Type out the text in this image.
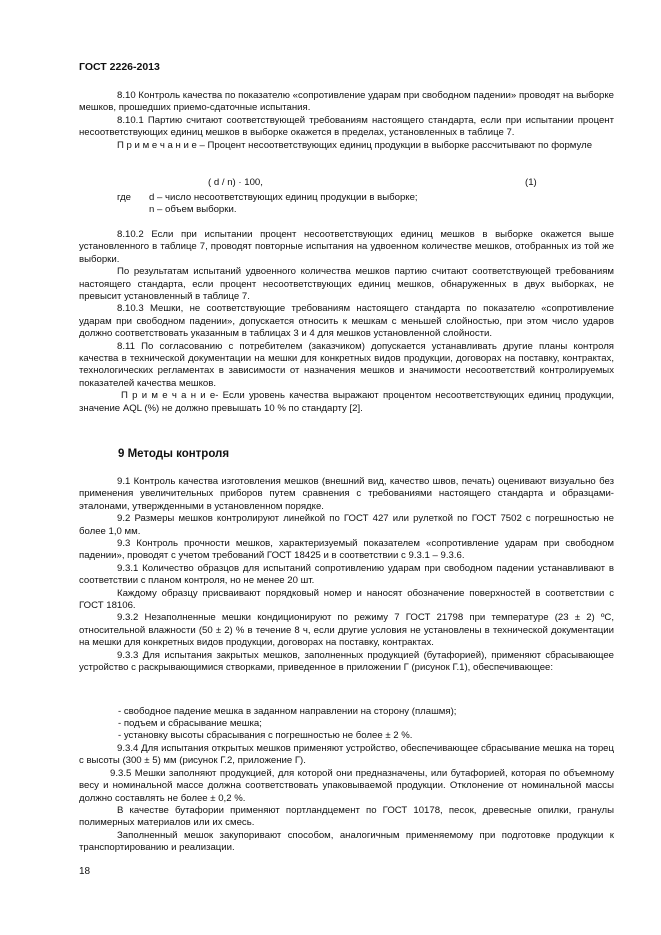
ГОСТ 2226-2013

8.10 Контроль качества по показателю «сопротивление ударам при свободном падении» проводят на выборке мешков, прошедших приемо-сдаточные испытания.

8.10.1 Партию считают соответствующей требованиям настоящего стандарта, если при испытании процент несоответствующих единиц мешков в выборке окажется в пределах, установленных в таблице 7.

П р и м е ч а н и е – Процент несоответствующих единиц продукции в выборке рассчитывают по формуле

( d / n) · 100,	(1)
где d – число несоответствующих единиц продукции в выборке;
n – объем выборки.

8.10.2 Если при испытании процент несоответствующих единиц мешков в выборке окажется выше установленного в таблице 7, проводят повторные испытания на удвоенном количестве мешков, отобранных из той же выборки.

По результатам испытаний удвоенного количества мешков партию считают соответствующей требованиям настоящего стандарта, если процент несоответствующих единиц мешков, обнаруженных в двух выборках, не превысит установленный в таблице 7.

8.10.3 Мешки, не соответствующие требованиям настоящего стандарта по показателю «сопротивление ударам при свободном падении», допускается относить к мешкам с меньшей слойностью, при этом число ударов должно соответствовать указанным в таблицах 3 и 4 для мешков установленной слойности.

8.11 По согласованию с потребителем (заказчиком) допускается устанавливать другие планы контроля качества в технической документации на мешки для конкретных видов продукции, договорах на поставку, контрактах, технологических регламентах в зависимости от назначения мешков и значимости несоответствий контролируемых показателей качества мешков.

П р и м е ч а н и е- Если уровень качества выражают процентом несоответствующих единиц продукции, значение AQL (%) не должно превышать 10 % по стандарту [2].

9 Методы контроля

9.1 Контроль качества изготовления мешков (внешний вид, качество швов, печать) оценивают визуально без применения увеличительных приборов путем сравнения с требованиями настоящего стандарта и образцами-эталонами, утвержденными в установленном порядке.

9.2 Размеры мешков контролируют линейкой по ГОСТ 427 или рулеткой по ГОСТ 7502 с погрешностью не более 1,0 мм.

9.3 Контроль прочности мешков, характеризуемый показателем «сопротивление ударам при свободном падении», проводят с учетом требований ГОСТ 18425 и в соответствии с 9.3.1 – 9.3.6.

9.3.1 Количество образцов для испытаний сопротивлению ударам при свободном падении устанавливают в соответствии с планом контроля, но не менее 20 шт.

Каждому образцу присваивают порядковый номер и наносят обозначение поверхностей в соответствии с ГОСТ 18106.

9.3.2 Незаполненные мешки кондиционируют по режиму 7 ГОСТ 21798 при температуре (23 ± 2) ºС, относительной влажности (50 ± 2) % в течение 8 ч, если другие условия не установлены в технической документации на мешки для конкретных видов продукции, договорах на поставку, контрактах.

9.3.3 Для испытания закрытых мешков, заполненных продукцией (бутафорией), применяют сбрасывающее устройство с раскрывающимися створками, приведенное в приложении Г (рисунок Г.1), обеспечивающее:

- свободное падение мешка в заданном направлении на сторону (плашмя);
- подъем и сбрасывание мешка;
- установку высоты сбрасывания с погрешностью не более ± 2 %.

9.3.4 Для испытания открытых мешков применяют устройство, обеспечивающее сбрасывание мешка на торец с высоты (300 ± 5) мм (рисунок Г.2, приложение Г).

9.3.5 Мешки заполняют продукцией, для которой они предназначены, или бутафорией, которая по объемному весу и номинальной массе должна соответствовать упаковываемой продукции. Отклонение от номинальной массы должно составлять не более ± 0,2 %.

В качестве бутафории применяют портландцемент по ГОСТ 10178, песок, древесные опилки, гранулы полимерных материалов или их смесь.

Заполненный мешок закупоривают способом, аналогичным применяемому при подготовке продукции к транспортированию и реализации.

18
